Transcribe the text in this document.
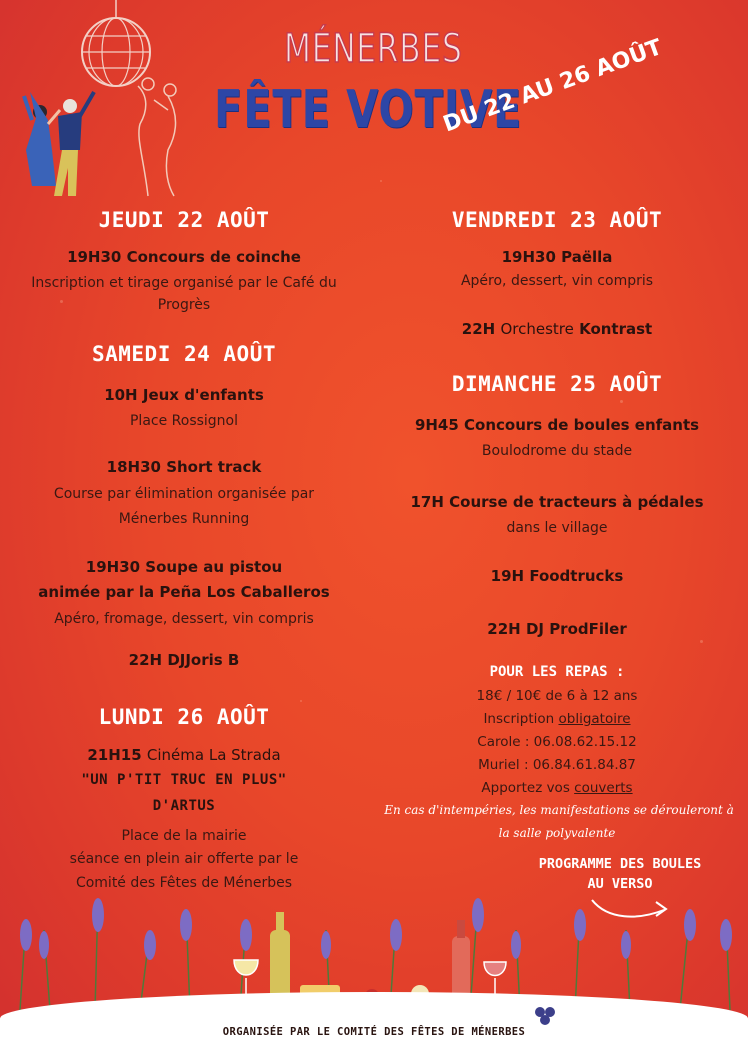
MÉNERBES
FÊTE VOTIVE
DU 22 AU 26 AOÛT
JEUDI 22 AOÛT
19H30 Concours de coinche
Inscription et tirage organisé par le Café du
Progrès
SAMEDI 24 AOÛT
10H Jeux d'enfants
Place Rossignol
18H30 Short track
Course par élimination organisée par
Ménerbes Running
19H30 Soupe au pistou
animée par la Peña Los Caballeros
Apéro, fromage, dessert, vin compris
22H DJJoris B
LUNDI 26 AOÛT
21H15 Cinéma La Strada
"UN P'TIT TRUC EN PLUS"
D'ARTUS
Place de la mairie
séance en plein air offerte par le
Comité des Fêtes de Ménerbes
VENDREDI 23 AOÛT
19H30 Paëlla
Apéro, dessert, vin compris
22H Orchestre Kontrast
DIMANCHE 25 AOÛT
9H45 Concours de boules enfants
Boulodrome du stade
17H Course de tracteurs à pédales
dans le village
19H Foodtrucks
22H DJ ProdFiler
POUR LES REPAS :
18€ / 10€ de 6 à 12 ans
Inscription obligatoire
Carole : 06.08.62.15.12
Muriel : 06.84.61.84.87
Apportez vos couverts
En cas d'intempéries, les manifestations se dérouleront à
la salle polyvalente
PROGRAMME DES BOULES
AU VERSO
ORGANISÉE PAR LE COMITÉ DES FÊTES DE MÉNERBES
